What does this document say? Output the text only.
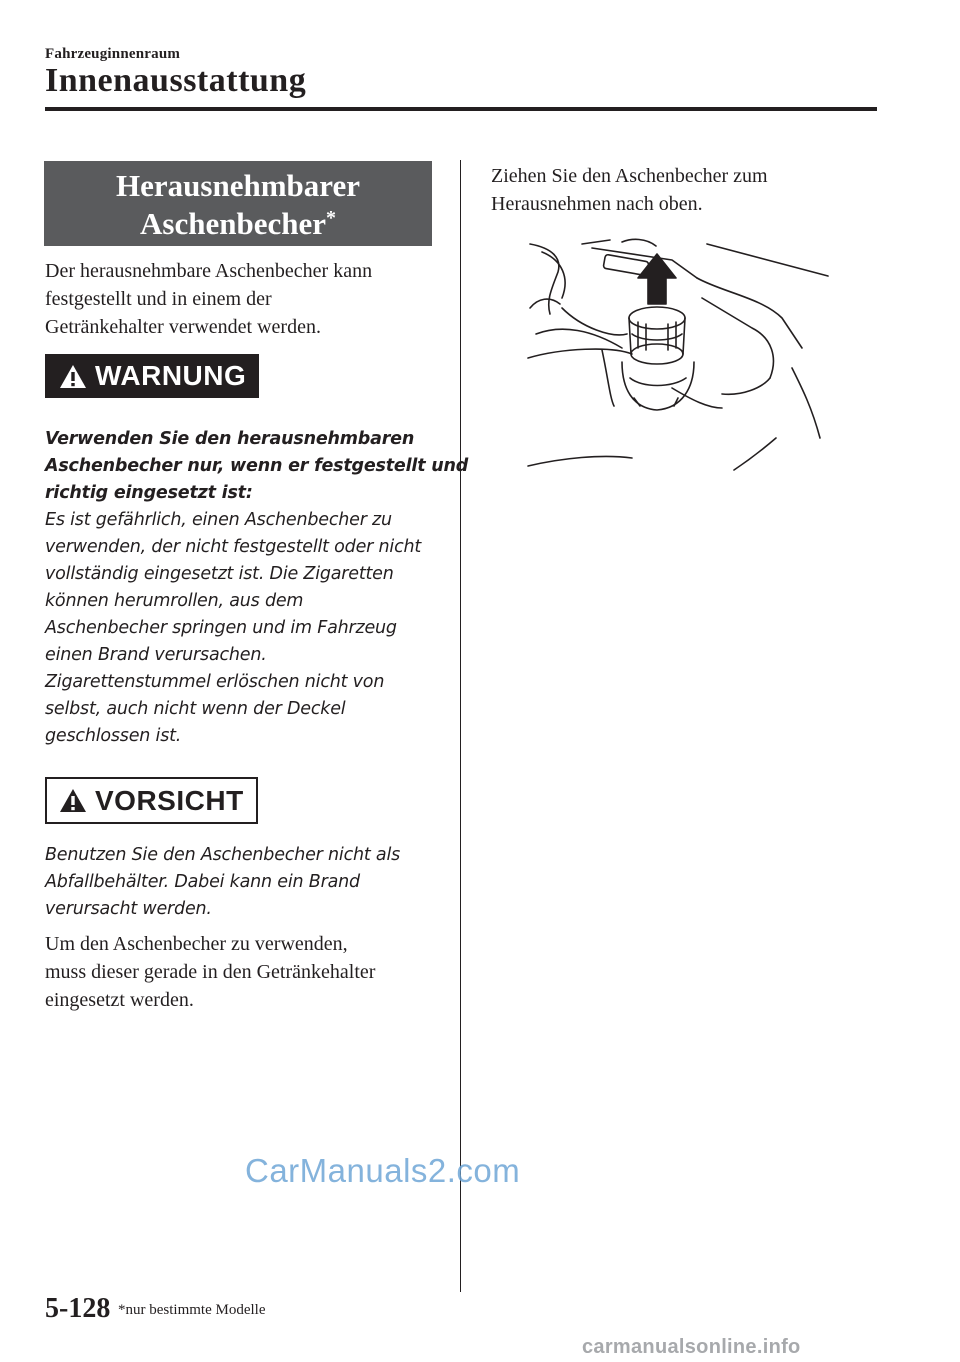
Fahrzeuginnenraum
Innenausstattung
Herausnehmbarer
Aschenbecher*
Der herausnehmbare Aschenbecher kann
festgestellt und in einem der
Getränkehalter verwendet werden.
WARNUNG
Verwenden Sie den herausnehmbaren
Aschenbecher nur, wenn er festgestellt und
richtig eingesetzt ist:
Es ist gefährlich, einen Aschenbecher zu
verwenden, der nicht festgestellt oder nicht
vollständig eingesetzt ist. Die Zigaretten
können herumrollen, aus dem
Aschenbecher springen und im Fahrzeug
einen Brand verursachen.
Zigarettenstummel erlöschen nicht von
selbst, auch nicht wenn der Deckel
geschlossen ist.
VORSICHT
Benutzen Sie den Aschenbecher nicht als
Abfallbehälter. Dabei kann ein Brand
verursacht werden.
Um den Aschenbecher zu verwenden,
muss dieser gerade in den Getränkehalter
eingesetzt werden.
Ziehen Sie den Aschenbecher zum
Herausnehmen nach oben.
CarManuals2.com
5-128 *nur bestimmte Modelle
carmanualsonline.info
